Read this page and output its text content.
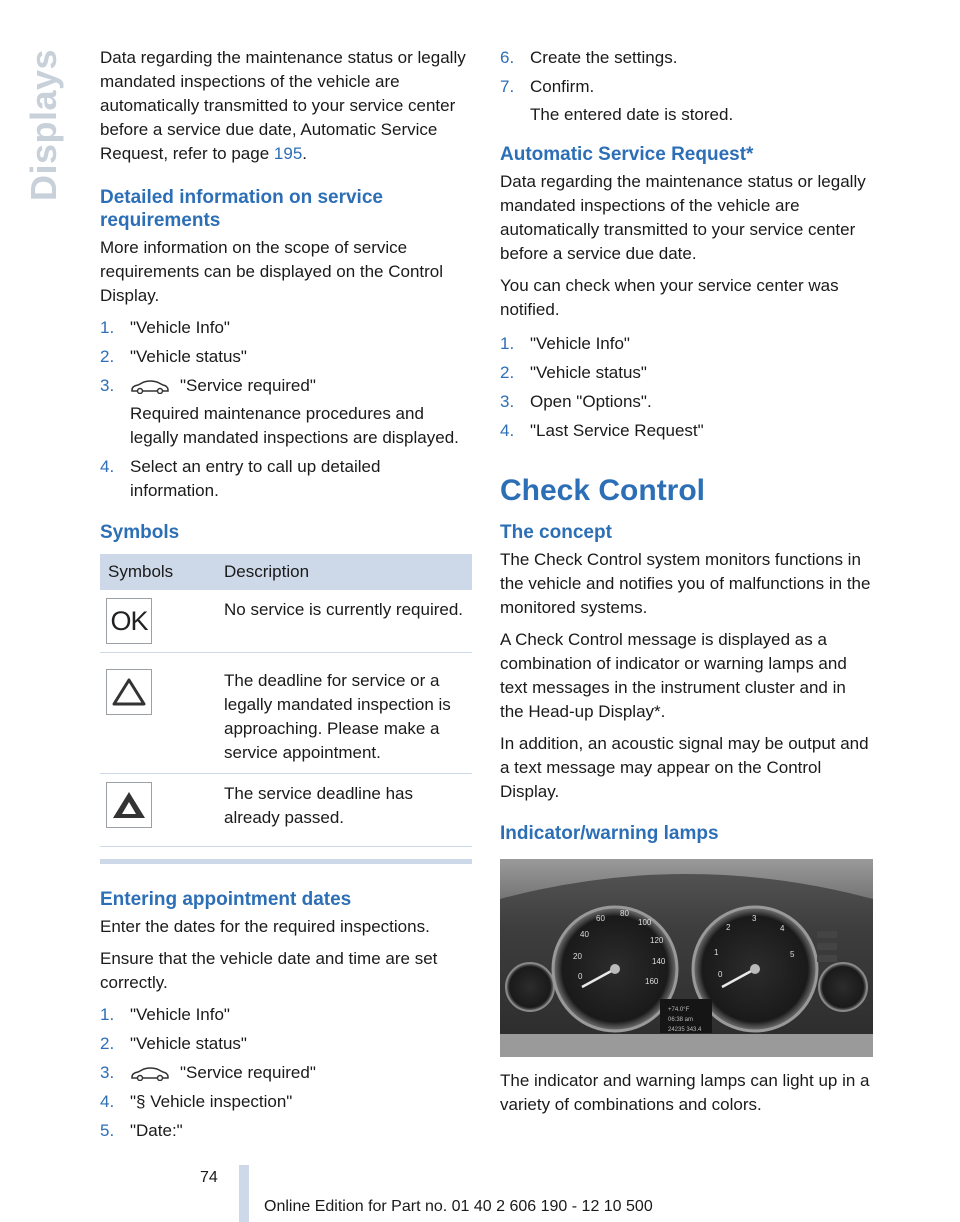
Displays Data regarding the maintenance status or legally mandated inspections of the vehicle are automatically transmitted to your service center before a service due date, Automatic Service Request, refer to page 195.

Detailed information on service requirements

More information on the scope of service requirements can be displayed on the Control Display.

1. "Vehicle Info"
2. "Vehicle status"
3.	"Service required"
Required maintenance procedures and legally mandated inspections are displayed.
4. Select an entry to call up detailed information.
Symbols
Symbols	Description

OK	No service is currently required.

	The deadline for service or a legally mandated inspection is approaching. Please make a service appointment.

	The service deadline has already passed.
Entering appointment dates

Enter the dates for the required inspections.

Ensure that the vehicle date and time are set correctly.

1. "Vehicle Info"
2. "Vehicle status"
3.	"Service required"
4. "§ Vehicle inspection"
5. "Date:"
6. Create the settings.
7. Confirm.
The entered date is stored.
Automatic Service Request*

Data regarding the maintenance status or legally mandated inspections of the vehicle are automatically transmitted to your service center before a service due date.

You can check when your service center was notified.

1. "Vehicle Info"
2. "Vehicle status"
3. Open "Options".
4. "Last Service Request"
Check Control
The concept

The Check Control system monitors functions in the vehicle and notifies you of malfunctions in the monitored systems.

A Check Control message is displayed as a combination of indicator or warning lamps and text messages in the instrument cluster and in the Head-up Display*.

In addition, an acoustic signal may be output and a text message may appear on the Control Display.

Indicator/warning lamps
20
40
60
80
100
120
140
160
0	0
1
2
3
4
5
+74.0°F
06:38 am
24235 343.4

The indicator and warning lamps can light up in a variety of combinations and colors.

74
Online Edition for Part no. 01 40 2 606 190 - 12 10 500
